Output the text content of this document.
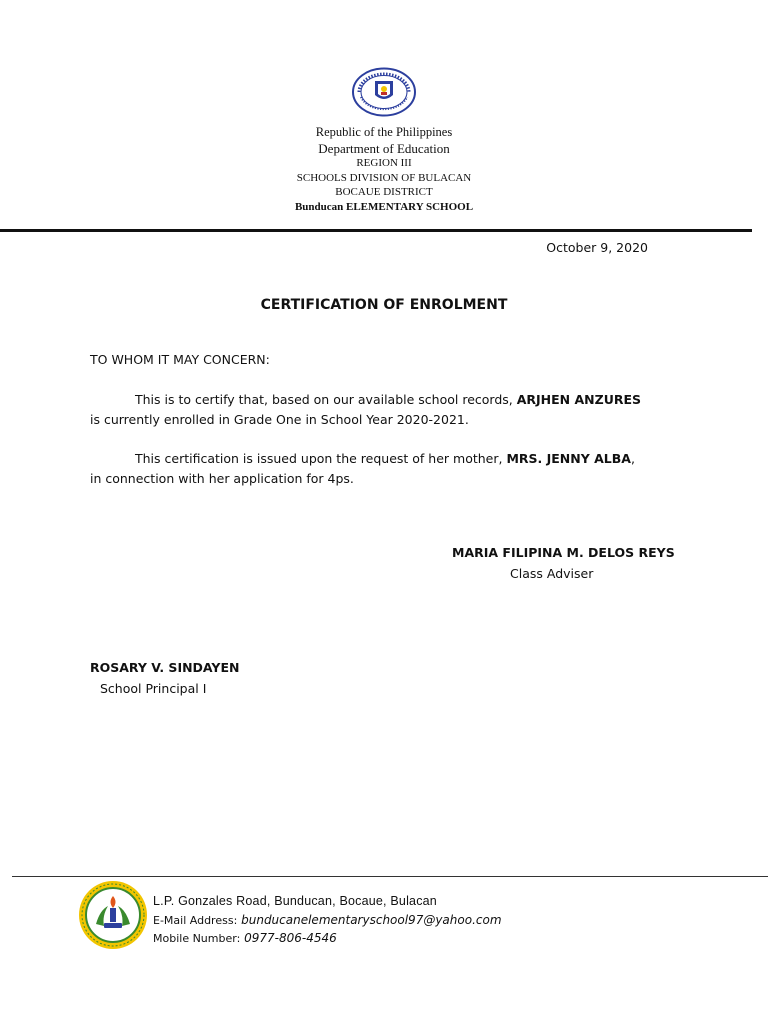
Republic of the Philippines
Department of Education
REGION III
SCHOOLS DIVISION OF BULACAN
BOCAUE DISTRICT
Bunducan ELEMENTARY SCHOOL
October 9, 2020
CERTIFICATION OF ENROLMENT
TO WHOM IT MAY CONCERN:
This is to certify that, based on our available school records, ARJHEN ANZURES is currently enrolled in Grade One in School Year 2020-2021.
This certification is issued upon the request of her mother, MRS. JENNY ALBA, in connection with her application for 4ps.
MARIA FILIPINA M. DELOS REYS
Class Adviser
ROSARY V. SINDAYEN
School Principal I
L.P. Gonzales Road, Bunducan, Bocaue, Bulacan
E-Mail Address: bunducanelementaryschool97@yahoo.com
Mobile Number: 0977-806-4546
